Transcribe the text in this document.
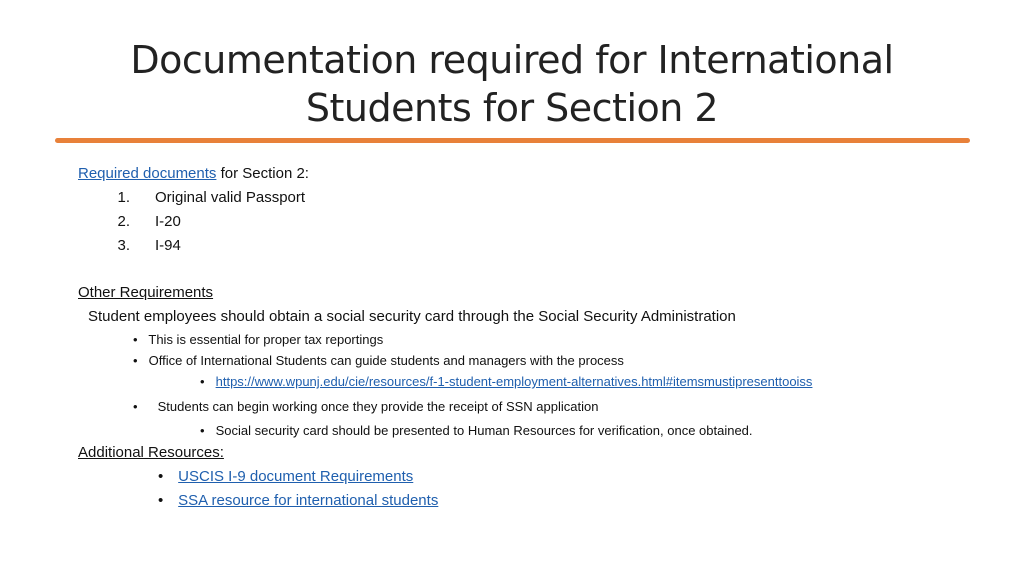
Documentation required for International
Students for Section 2
Required documents for Section 2:
1. Original valid Passport
2. I-20
3. I-94
Other Requirements
Student employees should obtain a social security card through the Social Security Administration
• This is essential for proper tax reportings
• Office of International Students can guide students and managers with the process
• https://www.wpunj.edu/cie/resources/f-1-student-employment-alternatives.html#itemsmustipresenttooiss
• Students can begin working once they provide the receipt of SSN application
• Social security card should be presented to Human Resources for verification, once obtained.
Additional Resources:
• USCIS I-9 document Requirements
• SSA resource for international students
